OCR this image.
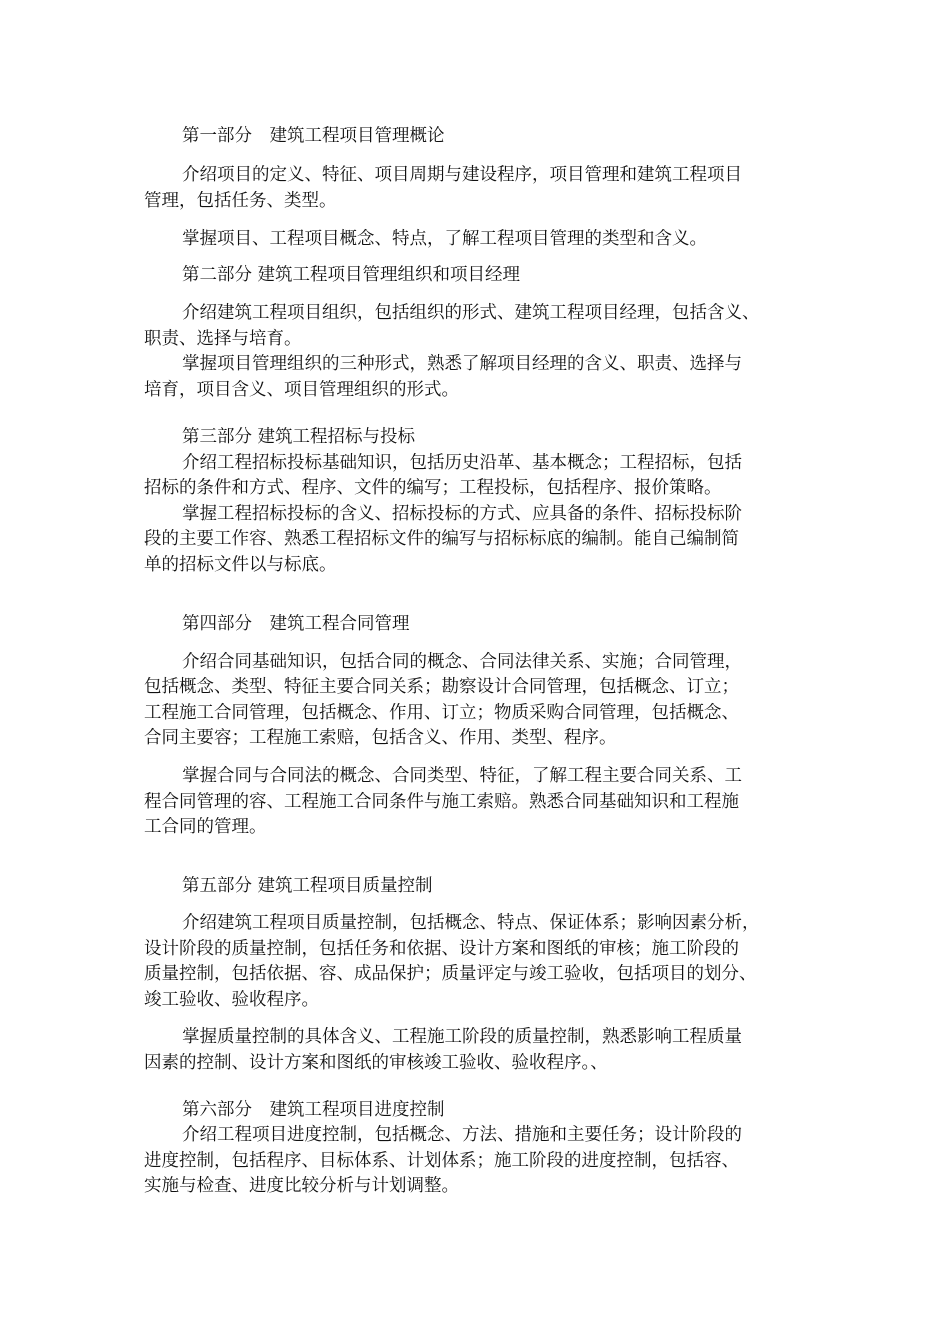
第一部分　建筑工程项目管理概论

介绍项目的定义、特征、项目周期与建设程序，项目管理和建筑工程项目

管理，包括任务、类型。

掌握项目、工程项目概念、特点，了解工程项目管理的类型和含义。

第二部分 建筑工程项目管理组织和项目经理

介绍建筑工程项目组织，包括组织的形式、建筑工程项目经理，包括含义、

职责、选择与培育。

掌握项目管理组织的三种形式，熟悉了解项目经理的含义、职责、选择与

培育，项目含义、项目管理组织的形式。

第三部分 建筑工程招标与投标

介绍工程招标投标基础知识，包括历史沿革、基本概念；工程招标，包括

招标的条件和方式、程序、文件的编写；工程投标，包括程序、报价策略。

掌握工程招标投标的含义、招标投标的方式、应具备的条件、招标投标阶

段的主要工作容、熟悉工程招标文件的编写与招标标底的编制。能自己编制简

单的招标文件以与标底。

第四部分　建筑工程合同管理

介绍合同基础知识，包括合同的概念、合同法律关系、实施；合同管理，

包括概念、类型、特征主要合同关系；勘察设计合同管理，包括概念、订立；

工程施工合同管理，包括概念、作用、订立；物质采购合同管理，包括概念、

合同主要容；工程施工索赔，包括含义、作用、类型、程序。

掌握合同与合同法的概念、合同类型、特征，了解工程主要合同关系、工

程合同管理的容、工程施工合同条件与施工索赔。熟悉合同基础知识和工程施

工合同的管理。

第五部分 建筑工程项目质量控制

介绍建筑工程项目质量控制，包括概念、特点、保证体系；影响因素分析，

设计阶段的质量控制，包括任务和依据、设计方案和图纸的审核；施工阶段的

质量控制，包括依据、容、成品保护；质量评定与竣工验收，包括项目的划分、

竣工验收、验收程序。

掌握质量控制的具体含义、工程施工阶段的质量控制，熟悉影响工程质量

因素的控制、设计方案和图纸的审核竣工验收、验收程序。、

第六部分　建筑工程项目进度控制

介绍工程项目进度控制，包括概念、方法、措施和主要任务；设计阶段的

进度控制，包括程序、目标体系、计划体系；施工阶段的进度控制，包括容、

实施与检查、进度比较分析与计划调整。
